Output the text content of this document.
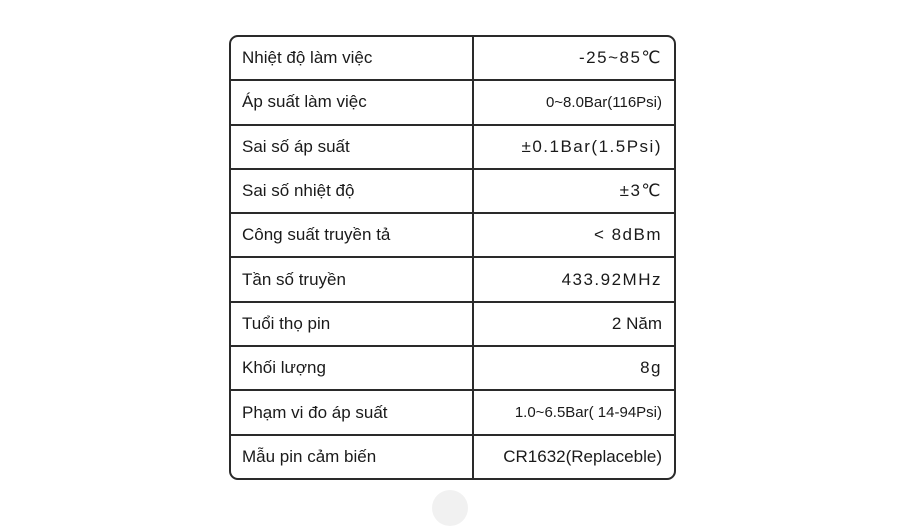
Nhiệt độ làm việc	-25~85℃
Áp suất làm việc	0~8.0Bar(116Psi)
Sai số áp suất	±0.1Bar(1.5Psi)
Sai số nhiệt độ	±3℃
Công suất truyền tả	< 8dBm
Tần số truyền	433.92MHz
Tuổi thọ pin	2 Năm
Khối lượng	8g
Phạm vi đo áp suất	1.0~6.5Bar( 14-94Psi)
Mẫu pin cảm biến	CR1632(Replaceble)
